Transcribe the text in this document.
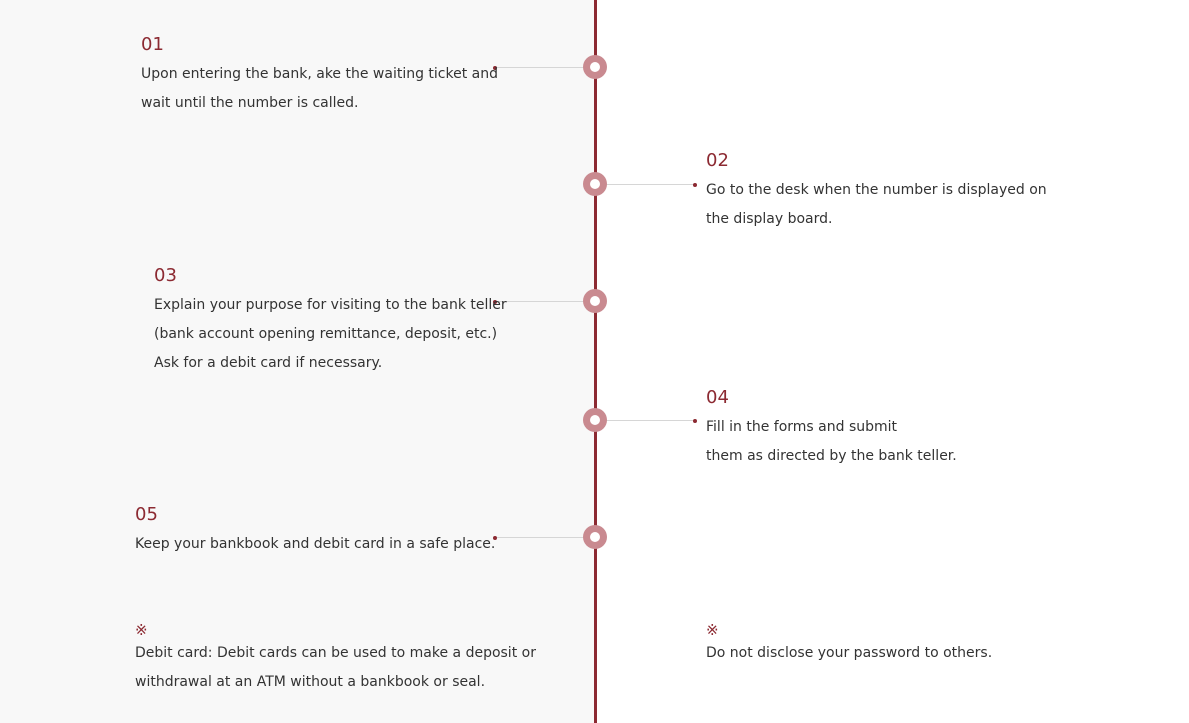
01
Upon entering the bank, ake the waiting ticket and
wait until the number is called.
02
Go to the desk when the number is displayed on
the display board.
03
Explain your purpose for visiting to the bank teller
(bank account opening remittance, deposit, etc.)
Ask for a debit card if necessary.
04
Fill in the forms and submit
them as directed by the bank teller.
05
Keep your bankbook and debit card in a safe place.
※
Debit card: Debit cards can be used to make a deposit or
withdrawal at an ATM without a bankbook or seal.
※
Do not disclose your password to others.
